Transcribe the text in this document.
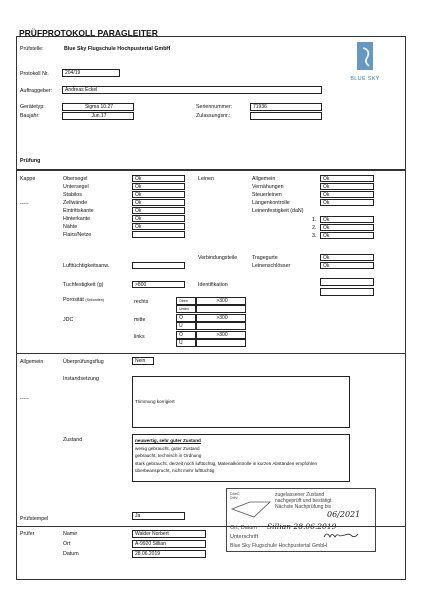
PRÜFPROTOKOLL PARAGLEITER
Prüfstelle:	Blue Sky Flugschule Hochpustertal GmbH
BLUE SKY
Protokoll Nr.	204/19
Auftraggeber:	Andreas Eckel
Gerätetyp:	Sigma 10.27
Baujahr:	Jun.17
Seriennummer:	71936
Zulassungsnr.:
Prüfung
Kappe
-----
Obersegel	Ok
Untersegel	Ok
Stabilos	Ok
Zellwände	Ok
Eintrittskante	Ok
Hinterkante	Ok
Nähte	Ok
Flairs/Netze
Leinen	Allgemein	Ok
Vernähungen	Ok
Steuerleinen	Ok
Längenkontrolle	Ok
Leinenfestigkeit (daN)
1.	Ok
2.	Ok
3.	Ok
Verbindungsteile	Tragegurte	Ok
Leinenschlösser	Ok
Lufttüchtigkeitsanw.
Tuchfestigkeit (g)	>800	Identifikation
Porosität (Sekunden)
JDC
rechts	Oben	>300
Unten
mitte	O	>300
U
links	O	>300
U
Allgemein	Überprüfungsflug	Nein
Instandsetzung
Trimmung korrigiert
-----
Zustand	neuwertig, sehr guter Zustand
wenig gebraucht, guter Zustand
gebraucht, technisch in Ordnung
stark gebraucht, derzeit noch lufttüchtig, Materialkontrolle in kurzen Abständen empfohlen
überbeansprucht, nicht mehr lufttüchtig
DAeC
DHV	zugelassener Zustand
nachgeprüft und bestätigt
Nächste Nachprüfung bis
06/2021
Ort, Datum Sillian 28.06.2019
Unterschrift
Blue Sky Flugschule Hochpustertal GmbH
Prüfstempel	Ja
Prüfer	Name	Walder Norbert
Ort	A-9920 Sillian
Datum	28.06.2019
